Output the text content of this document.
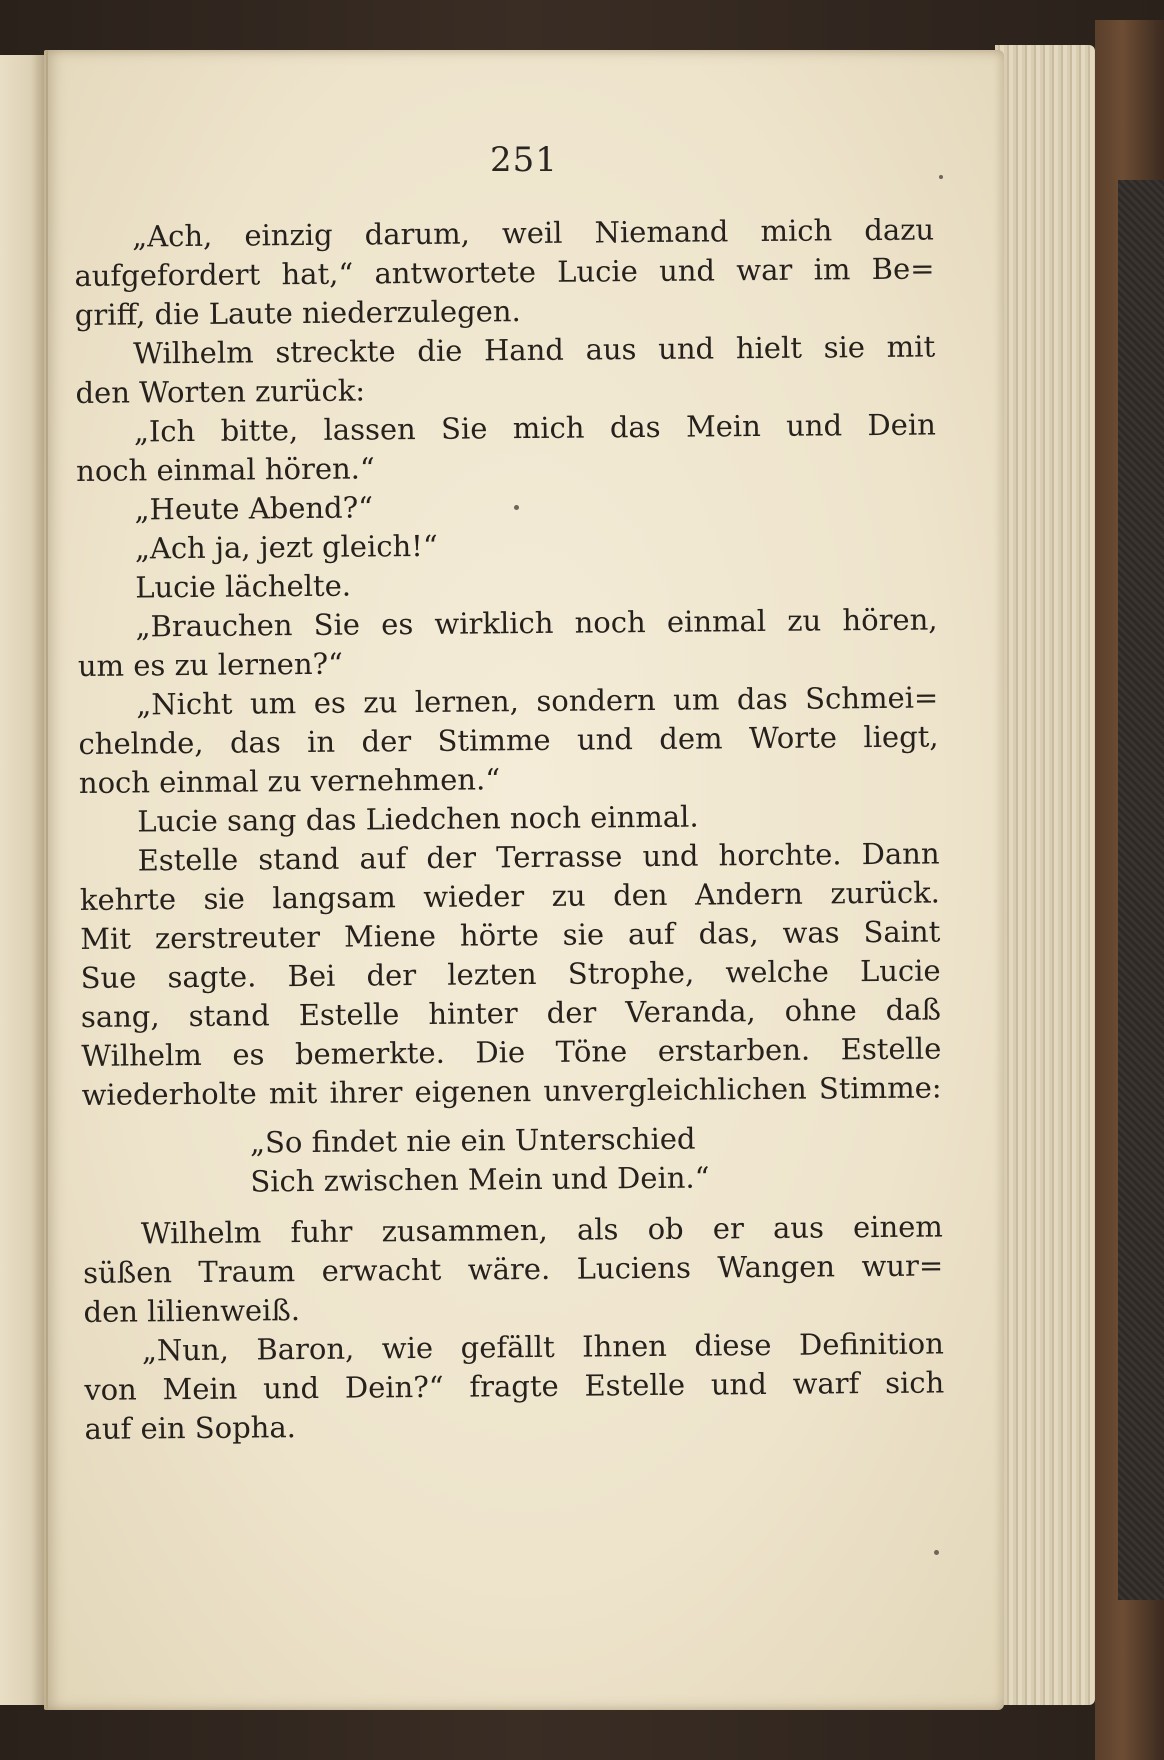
251
„Ach, einzig darum, weil Niemand mich dazu
aufgefordert hat,“ antwortete Lucie und war im Be=
griff, die Laute niederzulegen.
Wilhelm streckte die Hand aus und hielt sie mit
den Worten zurück:
„Ich bitte, lassen Sie mich das Mein und Dein
noch einmal hören.“
„Heute Abend?“
„Ach ja, jezt gleich!“
Lucie lächelte.
„Brauchen Sie es wirklich noch einmal zu hören,
um es zu lernen?“
„Nicht um es zu lernen, sondern um das Schmei=
chelnde, das in der Stimme und dem Worte liegt,
noch einmal zu vernehmen.“
Lucie sang das Liedchen noch einmal.
Estelle stand auf der Terrasse und horchte. Dann
kehrte sie langsam wieder zu den Andern zurück.
Mit zerstreuter Miene hörte sie auf das, was Saint
Sue sagte. Bei der lezten Strophe, welche Lucie
sang, stand Estelle hinter der Veranda, ohne daß
Wilhelm es bemerkte. Die Töne erstarben. Estelle
wiederholte mit ihrer eigenen unvergleichlichen Stimme:
„So findet nie ein Unterschied
Sich zwischen Mein und Dein.“
Wilhelm fuhr zusammen, als ob er aus einem
süßen Traum erwacht wäre. Luciens Wangen wur=
den lilienweiß.
„Nun, Baron, wie gefällt Ihnen diese Definition
von Mein und Dein?“ fragte Estelle und warf sich
auf ein Sopha.
